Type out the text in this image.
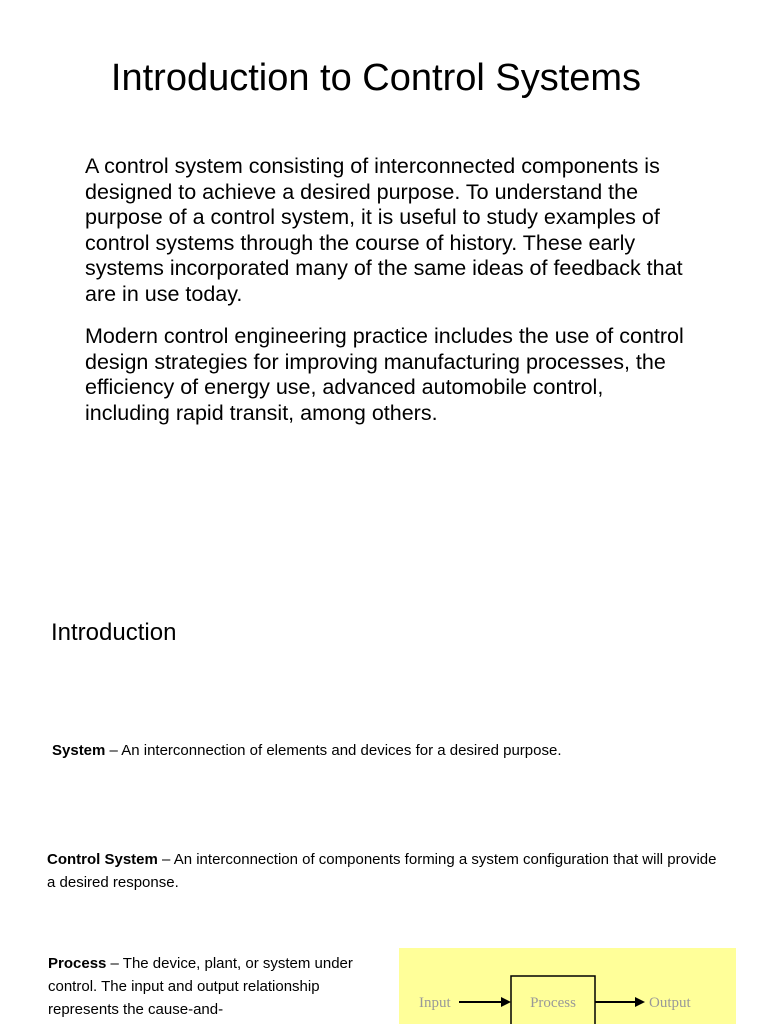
Introduction to Control Systems

A control system consisting of interconnected components is designed to achieve a desired purpose. To understand the purpose of a control system, it is useful to study examples of control systems through the course of history. These early systems incorporated many of the same ideas of feedback that are in use today.

Modern control engineering practice includes the use of control design strategies for improving manufacturing processes, the efficiency of energy use, advanced automobile control, including rapid transit, among others.

Introduction
System – An interconnection of elements and devices for a desired purpose.
Control System – An interconnection of components forming a system configuration that will provide a desired response.
Process – The device, plant, or system under control. The input and output relationship represents the cause-and-	Input	Process	Output
